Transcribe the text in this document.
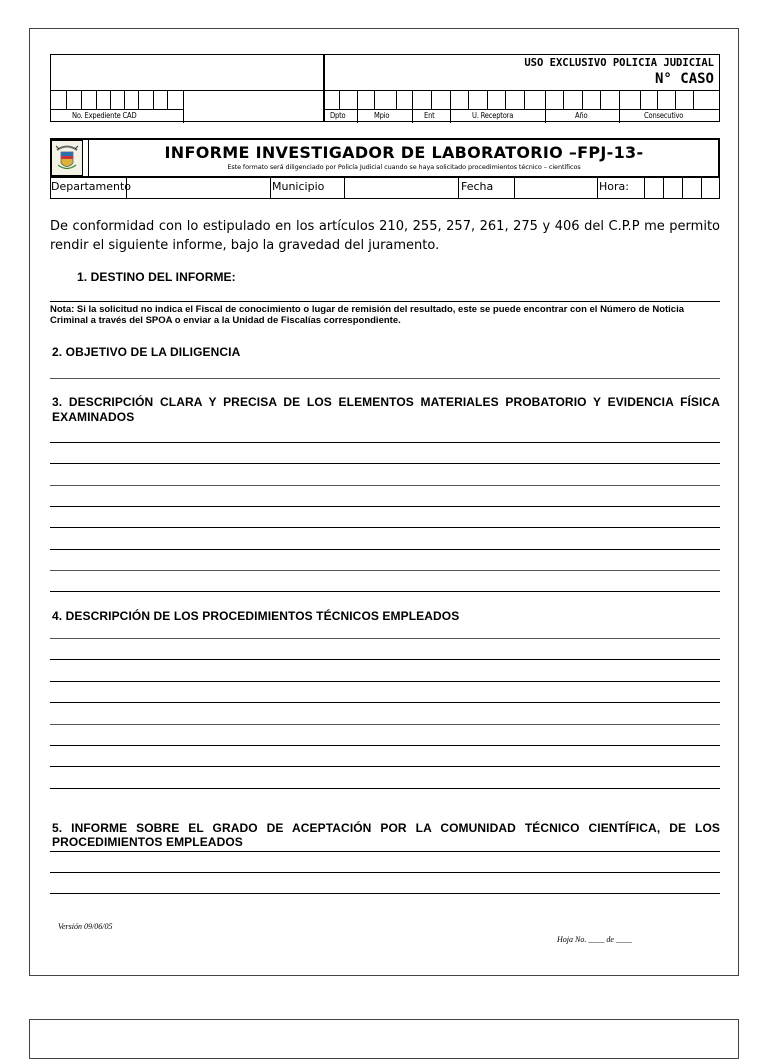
No. Expediente CAD
USO EXCLUSIVO POLICIA JUDICIAL
N° CASO
Dpto	Mpio	Ent	U. Receptora	Año	Consecutivo
INFORME INVESTIGADOR DE LABORATORIO –FPJ-13-
Este formato será diligenciado por Policía Judicial cuando se haya solicitado procedimientos técnico – científicos
Departamento	Municipio	Fecha	Hora:
De conformidad con lo estipulado en los artículos 210, 255, 257, 261, 275 y 406 del C.P.P me permito rendir el siguiente informe, bajo la gravedad del juramento.
1. DESTINO DEL INFORME:
Nota: Si la solicitud no indica el Fiscal de conocimiento o lugar de remisión del resultado, este se puede encontrar con el Número de Noticia Criminal a través del SPOA o enviar a la Unidad de Fiscalías correspondiente.
2. OBJETIVO DE LA DILIGENCIA
3. DESCRIPCIÓN CLARA Y PRECISA DE LOS ELEMENTOS MATERIALES PROBATORIO Y EVIDENCIA FÍSICA EXAMINADOS
4. DESCRIPCIÓN DE LOS PROCEDIMIENTOS TÉCNICOS EMPLEADOS
5. INFORME SOBRE EL GRADO DE ACEPTACIÓN POR LA COMUNIDAD TÉCNICO CIENTÍFICA, DE LOS PROCEDIMIENTOS EMPLEADOS
Versión 09/06/05
Hoja No. ____ de ____
